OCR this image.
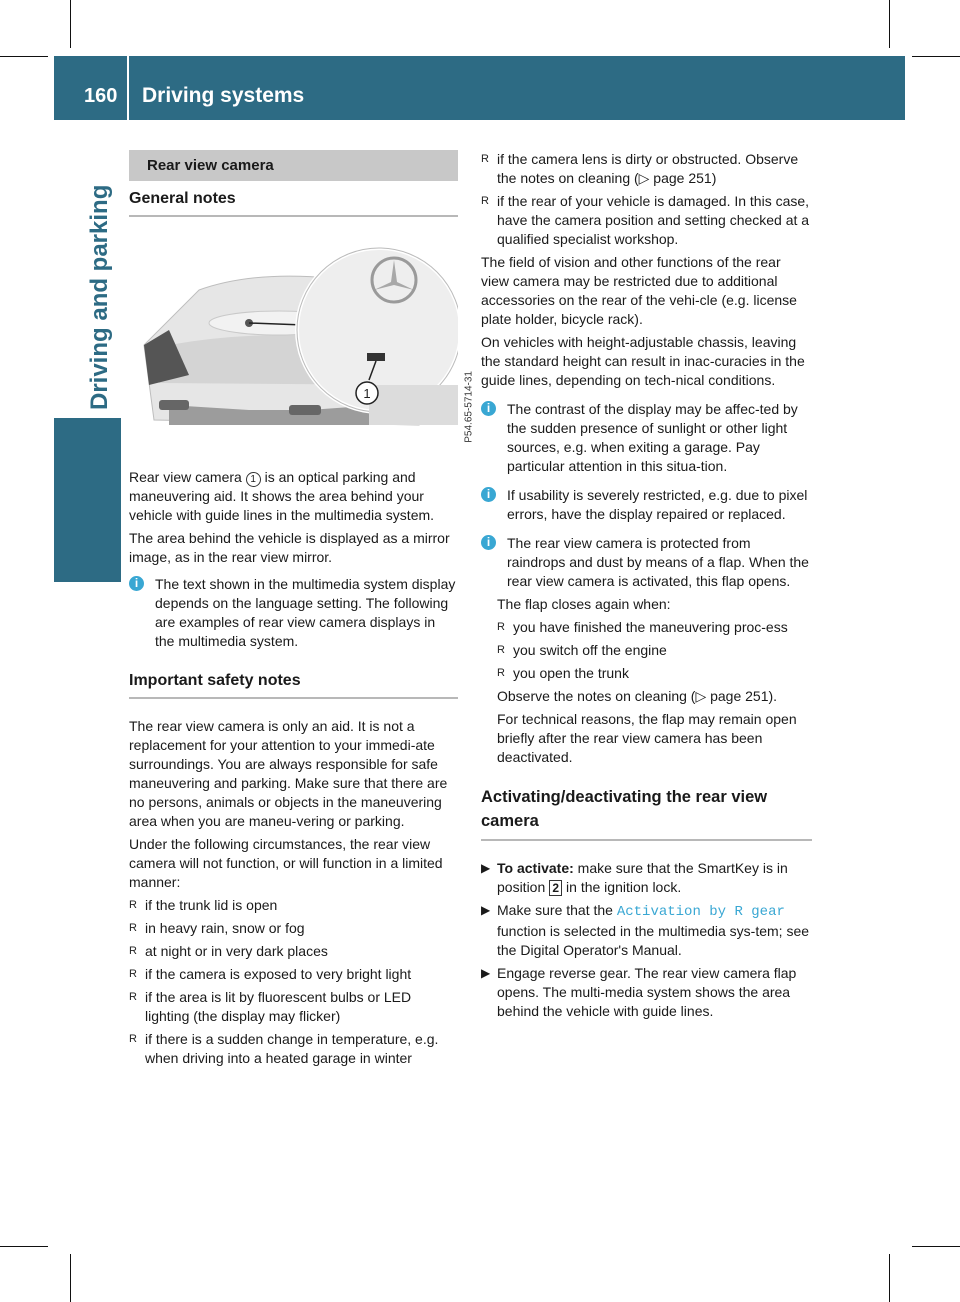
160	Driving systems
Driving and parking
Rear view camera
General notes
1	P54.65-5714-31

Rear view camera 1 is an optical parking and maneuvering aid. It shows the area behind your vehicle with guide lines in the multimedia system.

The area behind the vehicle is displayed as a mirror image, as in the rear view mirror.

i	The text shown in the multimedia system display depends on the language setting. The following are examples of rear view camera displays in the multimedia system.
Important safety notes

The rear view camera is only an aid. It is not a replacement for your attention to your immedi-ate surroundings. You are always responsible for safe maneuvering and parking. Make sure that there are no persons, animals or objects in the maneuvering area when you are maneu-vering or parking.

Under the following circumstances, the rear view camera will not function, or will function in a limited manner:

R if the trunk lid is open
R in heavy rain, snow or fog
R at night or in very dark places
R if the camera is exposed to very bright light
R if the area is lit by fluorescent bulbs or LED lighting (the display may flicker)
R if there is a sudden change in temperature, e.g. when driving into a heated garage in winter
R if the camera lens is dirty or obstructed. Observe the notes on cleaning (▷ page 251)
R if the rear of your vehicle is damaged. In this case, have the camera position and setting checked at a qualified specialist workshop.

The field of vision and other functions of the rear view camera may be restricted due to additional accessories on the rear of the vehi-cle (e.g. license plate holder, bicycle rack).

On vehicles with height-adjustable chassis, leaving the standard height can result in inac-curacies in the guide lines, depending on tech-nical conditions.

i	The contrast of the display may be affec-ted by the sudden presence of sunlight or other light sources, e.g. when exiting a garage. Pay particular attention in this situa-tion.
i	If usability is severely restricted, e.g. due to pixel errors, have the display repaired or replaced.
i	The rear view camera is protected from raindrops and dust by means of a flap. When the rear view camera is activated, this flap opens.

The flap closes again when:

R you have finished the maneuvering proc-ess
R you switch off the engine
R you open the trunk

Observe the notes on cleaning (▷ page 251).

For technical reasons, the flap may remain open briefly after the rear view camera has been deactivated.

Activating/deactivating the rear view camera
▶ To activate: make sure that the SmartKey is in position 2 in the ignition lock.
▶ Make sure that the Activation by R gear function is selected in the multimedia sys-tem; see the Digital Operator's Manual.
▶ Engage reverse gear. The rear view camera flap opens. The multi-media system shows the area behind the vehicle with guide lines.
